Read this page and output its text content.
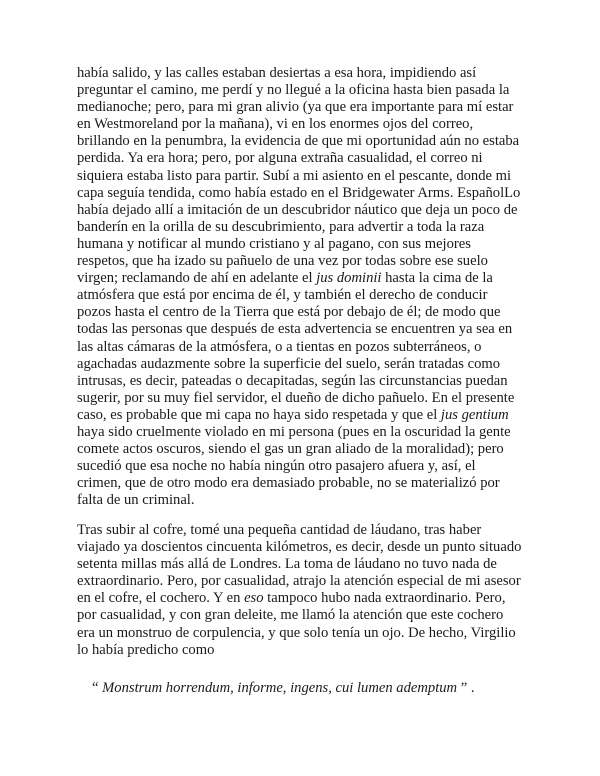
había salido, y las calles estaban desiertas a esa hora, impidiendo así
preguntar el camino, me perdí y no llegué a la oficina hasta bien pasada la
medianoche; pero, para mi gran alivio (ya que era importante para mí estar
en Westmoreland por la mañana), vi en los enormes ojos del correo,
brillando en la penumbra, la evidencia de que mi oportunidad aún no estaba
perdida. Ya era hora; pero, por alguna extraña casualidad, el correo ni
siquiera estaba listo para partir. Subí a mi asiento en el pescante, donde mi
capa seguía tendida, como había estado en el Bridgewater Arms. EspañolLo
había dejado allí a imitación de un descubridor náutico que deja un poco de
banderín en la orilla de su descubrimiento, para advertir a toda la raza
humana y notificar al mundo cristiano y al pagano, con sus mejores
respetos, que ha izado su pañuelo de una vez por todas sobre ese suelo
virgen; reclamando de ahí en adelante el jus dominii hasta la cima de la
atmósfera que está por encima de él, y también el derecho de conducir
pozos hasta el centro de la Tierra que está por debajo de él; de modo que
todas las personas que después de esta advertencia se encuentren ya sea en
las altas cámaras de la atmósfera, o a tientas en pozos subterráneos, o
agachadas audazmente sobre la superficie del suelo, serán tratadas como
intrusas, es decir, pateadas o decapitadas, según las circunstancias puedan
sugerir, por su muy fiel servidor, el dueño de dicho pañuelo. En el presente
caso, es probable que mi capa no haya sido respetada y que el jus gentium
haya sido cruelmente violado en mi persona (pues en la oscuridad la gente
comete actos oscuros, siendo el gas un gran aliado de la moralidad); pero
sucedió que esa noche no había ningún otro pasajero afuera y, así, el
crimen, que de otro modo era demasiado probable, no se materializó por
falta de un criminal.
Tras subir al cofre, tomé una pequeña cantidad de láudano, tras haber
viajado ya doscientos cincuenta kilómetros, es decir, desde un punto situado
setenta millas más allá de Londres. La toma de láudano no tuvo nada de
extraordinario. Pero, por casualidad, atrajo la atención especial de mi asesor
en el cofre, el cochero. Y en eso tampoco hubo nada extraordinario. Pero,
por casualidad, y con gran deleite, me llamó la atención que este cochero
era un monstruo de corpulencia, y que solo tenía un ojo. De hecho, Virgilio
lo había predicho como
“ Monstrum horrendum, informe, ingens, cui lumen ademptum ” .
